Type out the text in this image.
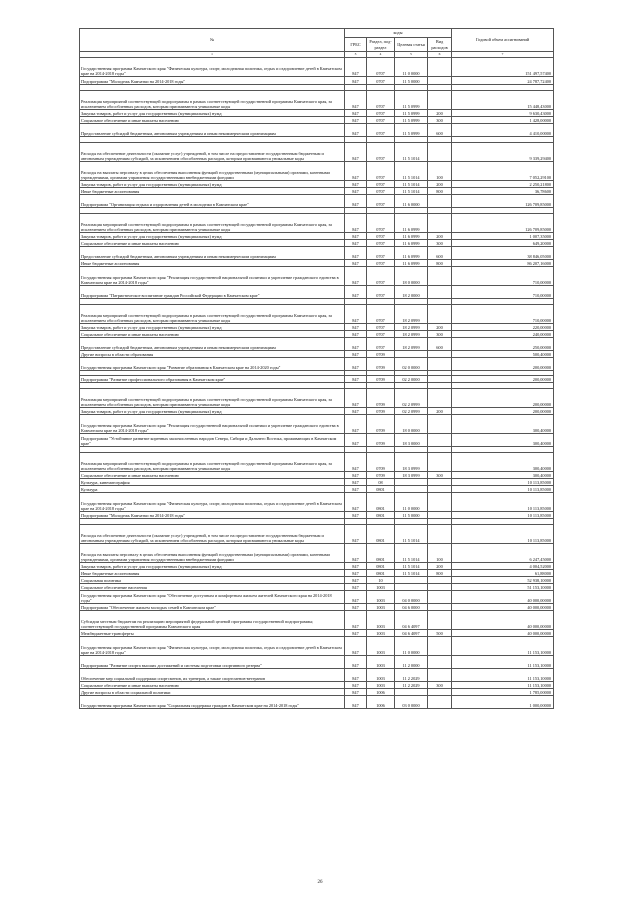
№	коды				Годовой объем ассигнований
	ГРБС	Раздел, под-раздел	Целевая статья	Вид расходов	
1	3	4	5	6	7
Государственная программа Камчатского края "Физическая культура, спорт, молодежная политика, отдых и оздоровление детей в Камчатском крае на 2014-2018 годы"	847	0707	11 0 0000		151 497,57400
Подпрограмма "Молодежь Камчатки на 2014-2018 годы"	847	0707	11 5 0000		24 787,72400

Реализация мероприятий соответствующей подпрограммы в рамках соответствующей государственной программы Камчатского края, за исключением обособленных расходов, которым присваиваются уникальные коды	847	0707	11 5 0999		15 448,43000
Закупка товаров, работ и услуг для государственных (муниципальных) нужд	847	0707	11 5 0999	200	9 630,43000
Социальное обеспечение и иные выплаты населению	847	0707	11 5 0999	300	1 428,00000
Предоставление субсидий бюджетным, автономным учреждениям и иным некоммерческим организациям	847	0707	11 5 0999	600	4 410,00000

Расходы на обеспечение деятельности (оказание услуг) учреждений, в том числе на предоставление государственным бюджетным и автономным учреждениям субсидий, за исключением обособленных расходов, которым присваиваются уникальные коды	847	0707	11 5 1014		9 339,29400
Расходы на выплаты персоналу в целях обеспечения выполнения функций государственными (муниципальными) органами, казенными учреждениями, органами управления государственными внебюджетными фондами	847	0707	11 5 1014	100	7 052,29100
Закупка товаров, работ и услуг для государственных (муниципальных) нужд	847	0707	11 5 1014	200	2 250,21800
Иные бюджетные ассигнования	847	0707	11 5 1014	800	36,78600
Подпрограмма "Организация отдыха и оздоровления детей в молодежи в Камчатском крае"	847	0707	11 6 0000		126 709,85000

Реализация мероприятий соответствующей подпрограммы в рамках соответствующей государственной программы Камчатского края, за исключением обособленных расходов, которым присваиваются уникальные коды	847	0707	11 6 0999		126 709,85000
Закупка товаров, работ и услуг для государственных (муниципальных) нужд	847	0707	11 6 0999	200	1 007,35000
Социальное обеспечение и иные выплаты населению	847	0707	11 6 0999	300	649,20000
Предоставление субсидий бюджетным, автономным учреждениям и иным некоммерческим организациям	847	0707	11 6 0999	600	38 846,05000
Иные бюджетные ассигнования	847	0707	11 6 0999	800	86 207,16000
Государственная программа Камчатского края "Реализация государственной национальной политики и укрепление гражданского единства в Камчатском крае на 2014-2018 годы"	847	0707	18 0 0000		710,00000
Подпрограмма "Патриотическое воспитание граждан Российской Федерации в Камчатском крае"	847	0707	18 2 0000		710,00000

Реализация мероприятий соответствующей подпрограммы в рамках соответствующей государственной программы Камчатского края, за исключением обособленных расходов, которым присваиваются уникальные коды	847	0707	18 2 0999		710,00000
Закупка товаров, работ и услуг для государственных (муниципальных) нужд	847	0707	18 2 0999	200	220,00000
Социальное обеспечение и иные выплаты населению	847	0707	18 2 0999	300	240,00000
Предоставление субсидий бюджетным, автономным учреждениям и иным некоммерческим организациям	847	0707	18 2 0999	600	250,00000
Другие вопросы в области образования	847	0709			500,40000
Государственная программа Камчатского края "Развитие образования в Камчатском крае на 2014-2020 годы"	847	0709	02 0 0000		200,00000

Подпрограмма "Развитие профессионального образования в Камчатском крае"	847	0709	02 2 0000		200,00000

Реализация мероприятий соответствующей подпрограммы в рамках соответствующей государственной программы Камчатского края, за исключением обособленных расходов, которым присваиваются уникальные коды	847	0709	02 2 0999		200,00000
Закупка товаров, работ и услуг для государственных (муниципальных) нужд	847	0709	02 2 0999	200	200,00000
Государственная программа Камчатского края "Реализация государственной национальной политики и укрепление гражданского единства в Камчатском крае на 2014-2018 годы"	847	0709	18 0 0000		300,40000
Подпрограмма "Устойчивое развитие коренных малочисленных народов Севера, Сибири и Дальнего Востока, проживающих в Камчатском крае"	847	0709	18 3 0000		300,40000

Реализация мероприятий соответствующей подпрограммы в рамках соответствующей государственной программы Камчатского края, за исключением обособленных расходов, которым присваиваются уникальные коды	847	0709	18 3 0999		300,40000
Социальное обеспечение и иные выплаты населению	847	0709	18 3 0999	300	300,40000
Культура, кинематография	847	08			10 113,85000
Культура	847	0801			10 113,85000
Государственная программа Камчатского края "Физическая культура, спорт, молодежная политика, отдых и оздоровление детей в Камчатском крае на 2014-2018 годы"	847	0801	11 0 0000		10 113,85000
Подпрограмма "Молодежь Камчатки на 2014-2018 годы"	847	0801	11 5 0000		10 113,85000

Расходы на обеспечение деятельности (оказание услуг) учреждений, в том числе на предоставление государственным бюджетным и автономным учреждениям субсидий, за исключением обособленных расходов, которым присваиваются уникальные коды	847	0801	11 5 1014		10 113,85000
Расходы на выплаты персоналу в целях обеспечения выполнения функций государственными (муниципальными) органами, казенными учреждениями, органами управления государственными внебюджетными фондами	847	0801	11 5 1014	100	6 247,45000
Закупка товаров, работ и услуг для государственных (муниципальных) нужд	847	0801	11 5 1014	200	4 004,52000
Иные бюджетные ассигнования	847	0801	11 5 1014	800	61,88000
Социальная политика	847	10			52 938,10000
Социальное обеспечение населения	847	1003			51 153,10000
Государственная программа Камчатского края "Обеспечение доступным и комфортным жильем жителей Камчатского края на 2014-2018 годы"	847	1003	04 0 0000		40 000,00000
Подпрограмма "Обеспечение жильем молодых семей в Камчатском крае"	847	1003	04 6 0000		40 000,00000
Субсидии местным бюджетам на реализацию мероприятий федеральной целевой программы государственной подпрограммы; соответствующей государственной программы Камчатского края	847	1003	04 6 4097		40 000,00000
Межбюджетные трансферты	847	1003	04 6 4097	500	40 000,00000
Государственная программа Камчатского края "Физическая культура, спорт, молодежная политика, отдых и оздоровление детей в Камчатском крае на 2014-2018 годы"	847	1003	11 0 0000		11 153,10000
Подпрограмма "Развитие спорта высших достижений и системы подготовки спортивного резерва"	847	1003	11 2 0000		11 153,10000
Обеспечение мер социальной поддержки спортсменов, их тренеров, а также спортсменов-ветеранов	847	1003	11 2 2029		11 153,10000
Социальное обеспечение и иные выплаты населению	847	1003	11 2 2029	300	11 153,10000
Другие вопросы в области социальной политики	847	1006			1 785,00000
Государственная программа Камчатского края "Социальная поддержка граждан в Камчатском крае на 2014-2018 годы"	847	1006	03 0 0000		1 000,00000
26
